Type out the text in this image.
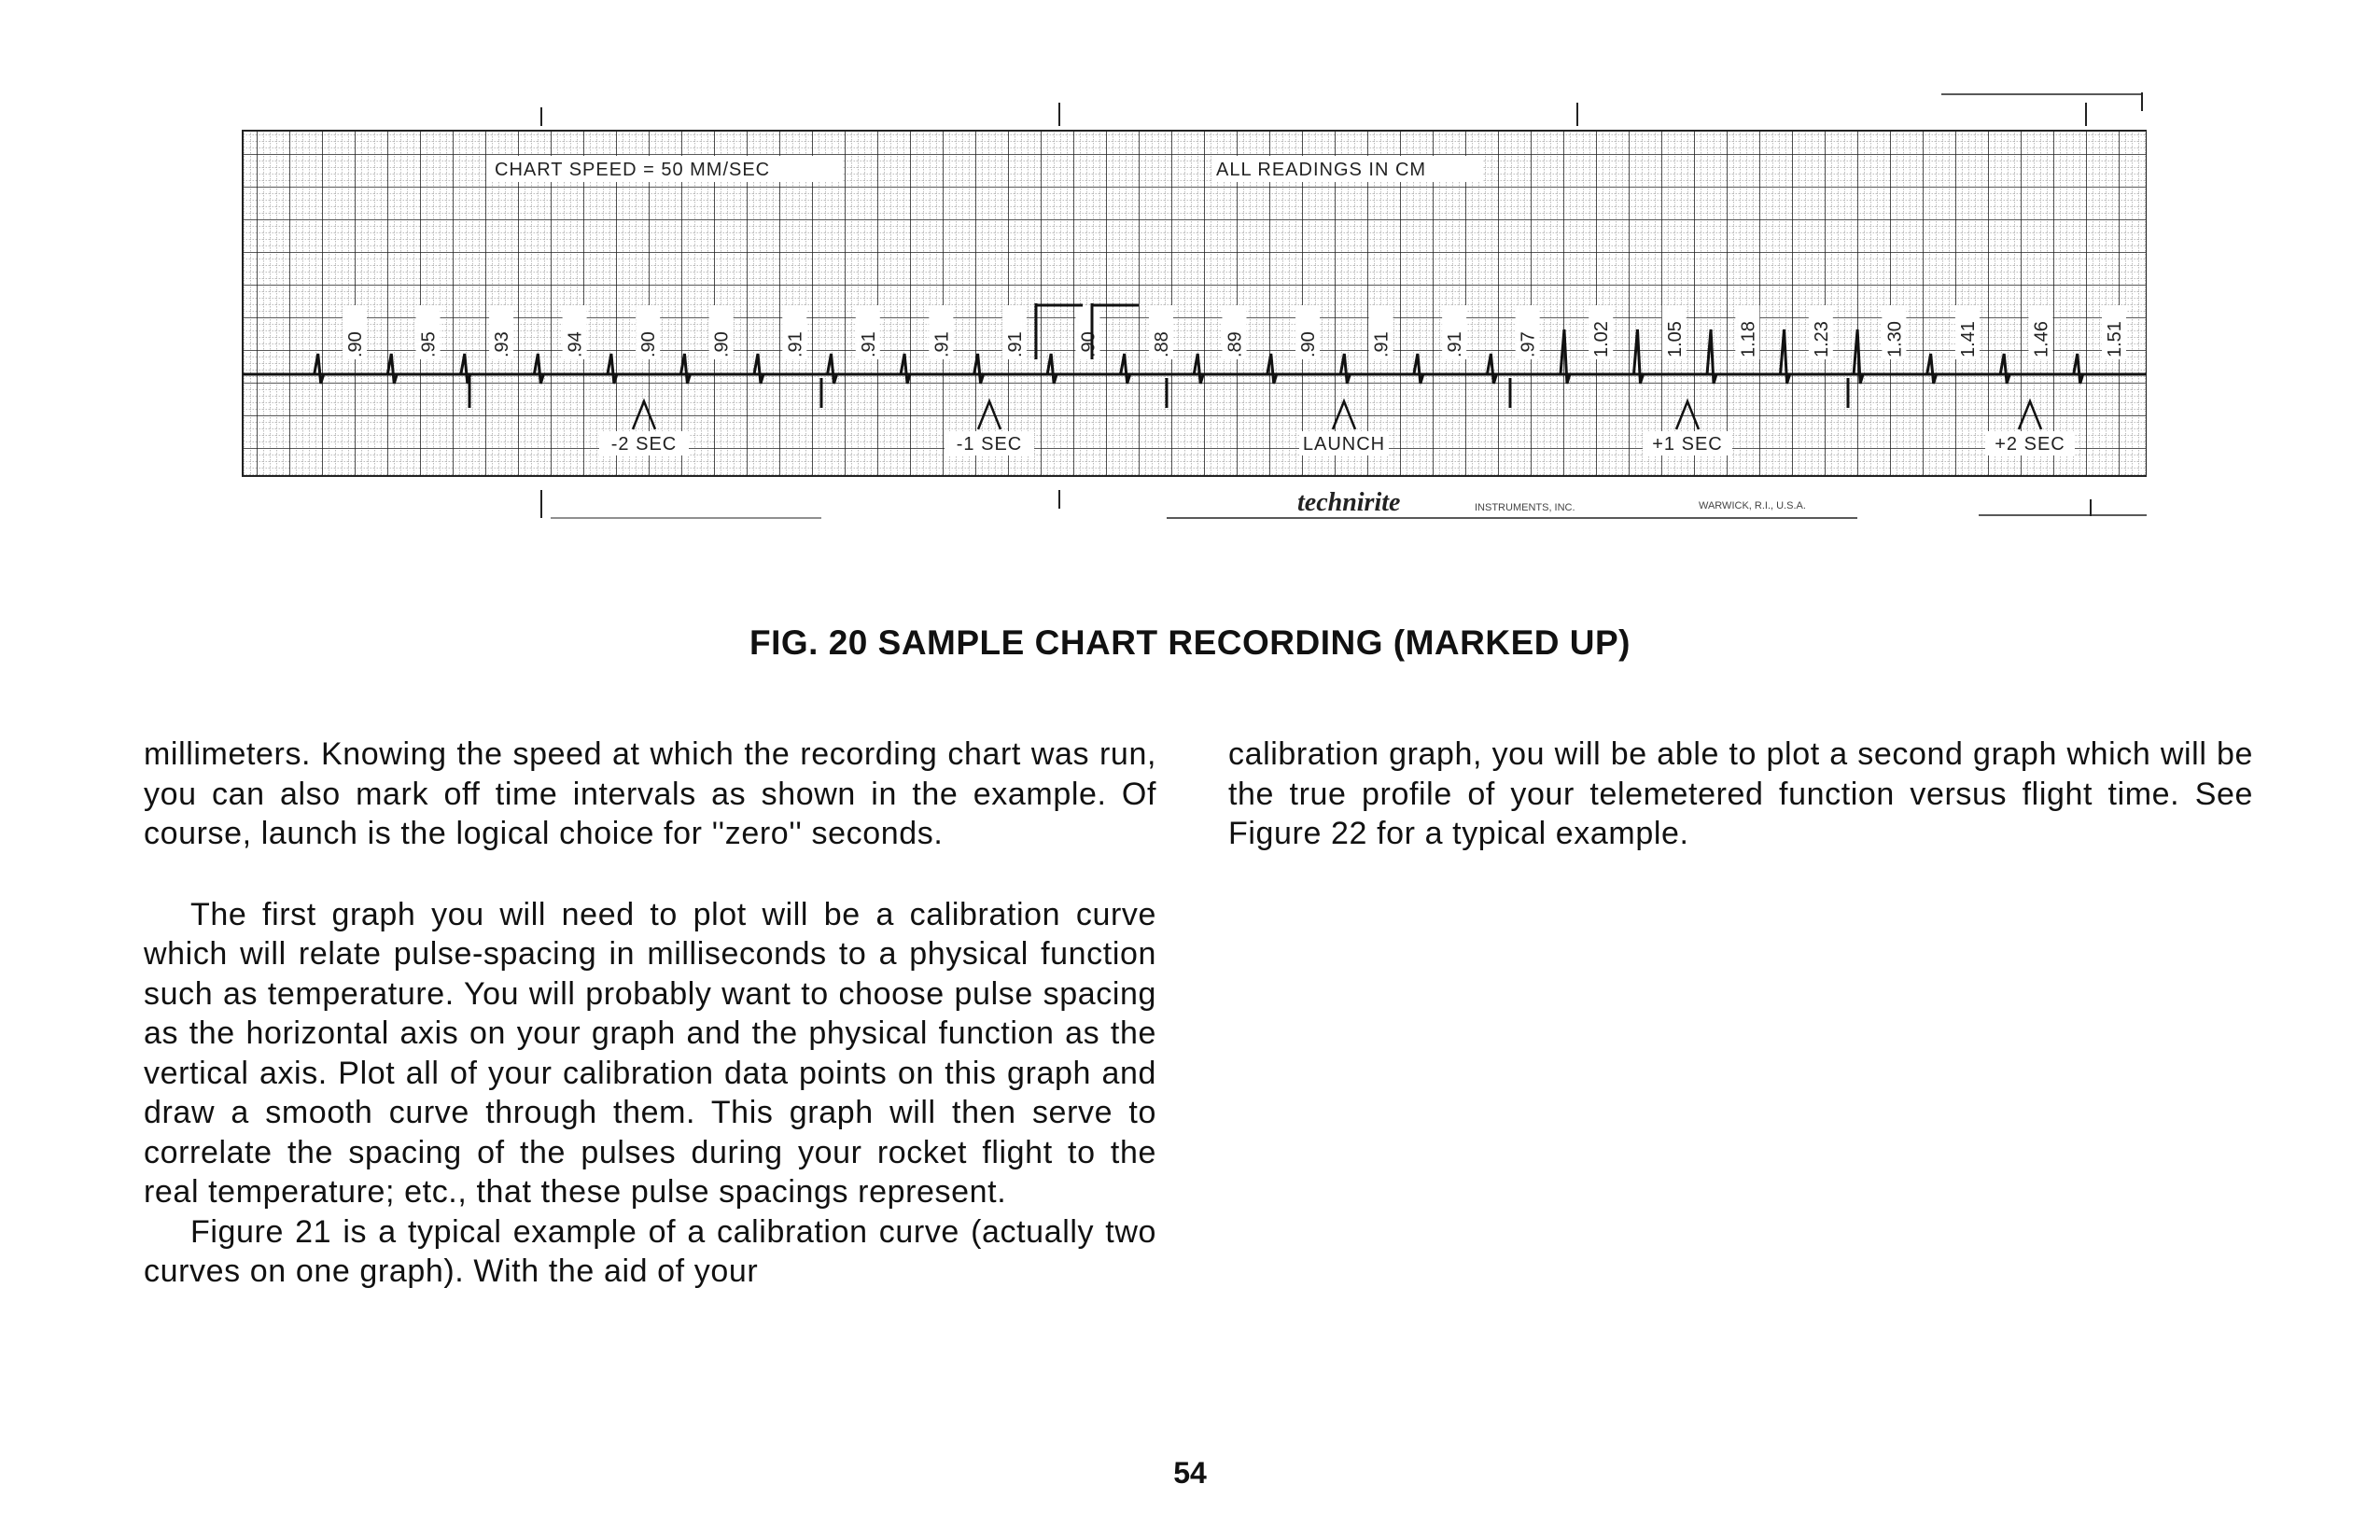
CHART SPEED = 50 MM/SEC	ALL READINGS IN CM
.90	.95	.93	.94	.90	.90	.91	.91	.91	.91	.90	.88	.89	.90	.91	.91	.97	1.02	1.05	1.18	1.23	1.30	1.41	1.46	1.51
-2 SEC	-1 SEC	LAUNCH	+1 SEC	+2 SEC
technirite	INSTRUMENTS, INC.	WARWICK, R.I., U.S.A.
FIG. 20 SAMPLE CHART RECORDING (MARKED UP)

millimeters. Knowing the speed at which the recording chart was run, you can also mark off time intervals as shown in the example. Of course, launch is the logical choice for ''zero'' seconds.

The first graph you will need to plot will be a calibration curve which will relate pulse-spacing in milliseconds to a physical function such as temperature. You will probably want to choose pulse spacing as the horizontal axis on your graph and the physical function as the vertical axis. Plot all of your calibration data points on this graph and draw a smooth curve through them. This graph will then serve to correlate the spacing of the pulses during your rocket flight to the real temperature; etc., that these pulse spacings represent.

Figure 21 is a typical example of a calibration curve (actually two curves on one graph). With the aid of your

calibration graph, you will be able to plot a second graph which will be the true profile of your telemetered function versus flight time. See Figure 22 for a typical example.

54
